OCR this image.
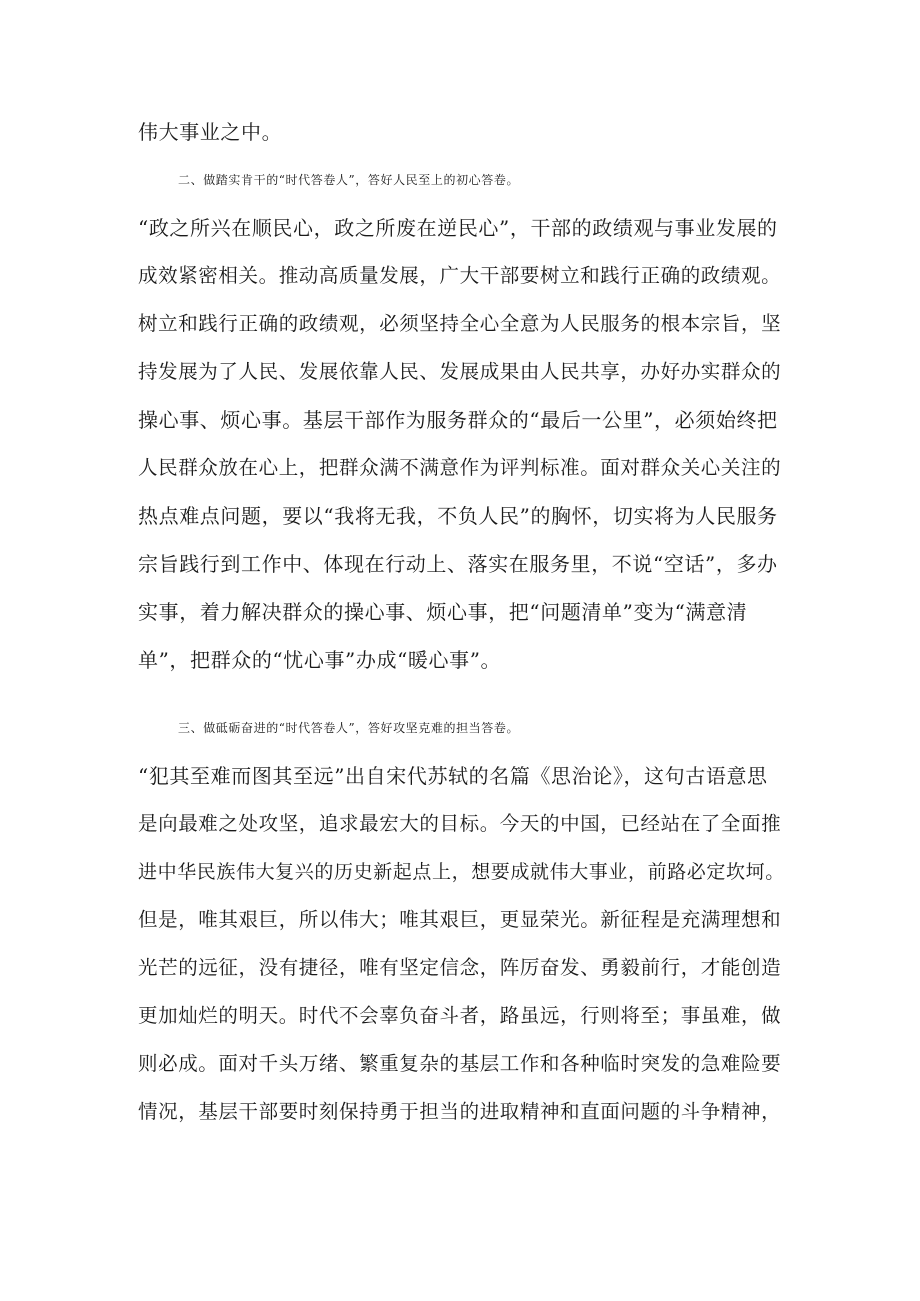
伟大事业之中。
二、做踏实肯干的“时代答卷人”，答好人民至上的初心答卷。
“政之所兴在顺民心，政之所废在逆民心”，干部的政绩观与事业发展的
成效紧密相关。推动高质量发展，广大干部要树立和践行正确的政绩观。
树立和践行正确的政绩观，必须坚持全心全意为人民服务的根本宗旨，坚
持发展为了人民、发展依靠人民、发展成果由人民共享，办好办实群众的
操心事、烦心事。基层干部作为服务群众的“最后一公里”，必须始终把
人民群众放在心上，把群众满不满意作为评判标准。面对群众关心关注的
热点难点问题，要以“我将无我，不负人民”的胸怀，切实将为人民服务
宗旨践行到工作中、体现在行动上、落实在服务里，不说“空话”，多办
实事，着力解决群众的操心事、烦心事，把“问题清单”变为“满意清
单”，把群众的“忧心事”办成“暖心事”。
三、做砥砺奋进的“时代答卷人”，答好攻坚克难的担当答卷。
“犯其至难而图其至远”出自宋代苏轼的名篇《思治论》，这句古语意思
是向最难之处攻坚，追求最宏大的目标。今天的中国，已经站在了全面推
进中华民族伟大复兴的历史新起点上，想要成就伟大事业，前路必定坎坷。
但是，唯其艰巨，所以伟大；唯其艰巨，更显荣光。新征程是充满理想和
光芒的远征，没有捷径，唯有坚定信念，阵厉奋发、勇毅前行，才能创造
更加灿烂的明天。时代不会辜负奋斗者，路虽远，行则将至；事虽难，做
则必成。面对千头万绪、繁重复杂的基层工作和各种临时突发的急难险要
情况，基层干部要时刻保持勇于担当的进取精神和直面问题的斗争精神，
